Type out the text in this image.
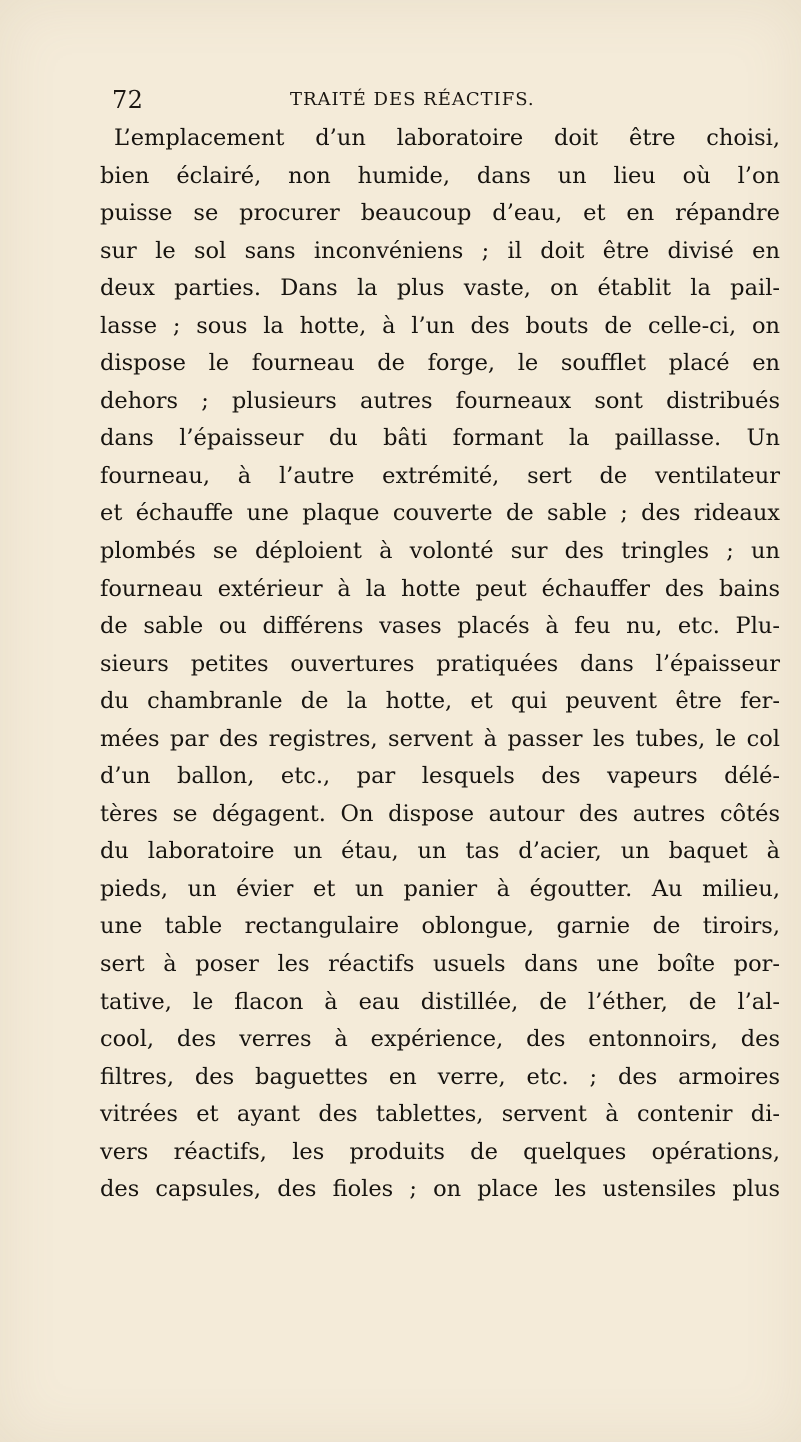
72	TRAITÉ DES RÉACTIFS.
L’emplacement d’un laboratoire doit être choisi,
bien éclairé, non humide, dans un lieu où l’on
puisse se procurer beaucoup d’eau, et en répandre
sur le sol sans inconvéniens ; il doit être divisé en
deux parties. Dans la plus vaste, on établit la pail-
lasse ; sous la hotte, à l’un des bouts de celle-ci, on
dispose le fourneau de forge, le soufflet placé en
dehors ; plusieurs autres fourneaux sont distribués
dans l’épaisseur du bâti formant la paillasse. Un
fourneau, à l’autre extrémité, sert de ventilateur
et échauffe une plaque couverte de sable ; des rideaux
plombés se déploient à volonté sur des tringles ; un
fourneau extérieur à la hotte peut échauffer des bains
de sable ou différens vases placés à feu nu, etc. Plu-
sieurs petites ouvertures pratiquées dans l’épaisseur
du chambranle de la hotte, et qui peuvent être fer-
mées par des registres, servent à passer les tubes, le col
d’un ballon, etc., par lesquels des vapeurs délé-
tères se dégagent. On dispose autour des autres côtés
du laboratoire un étau, un tas d’acier, un baquet à
pieds, un évier et un panier à égoutter. Au milieu,
une table rectangulaire oblongue, garnie de tiroirs,
sert à poser les réactifs usuels dans une boîte por-
tative, le flacon à eau distillée, de l’éther, de l’al-
cool, des verres à expérience, des entonnoirs, des
filtres, des baguettes en verre, etc. ; des armoires
vitrées et ayant des tablettes, servent à contenir di-
vers réactifs, les produits de quelques opérations,
des capsules, des fioles ; on place les ustensiles plus
